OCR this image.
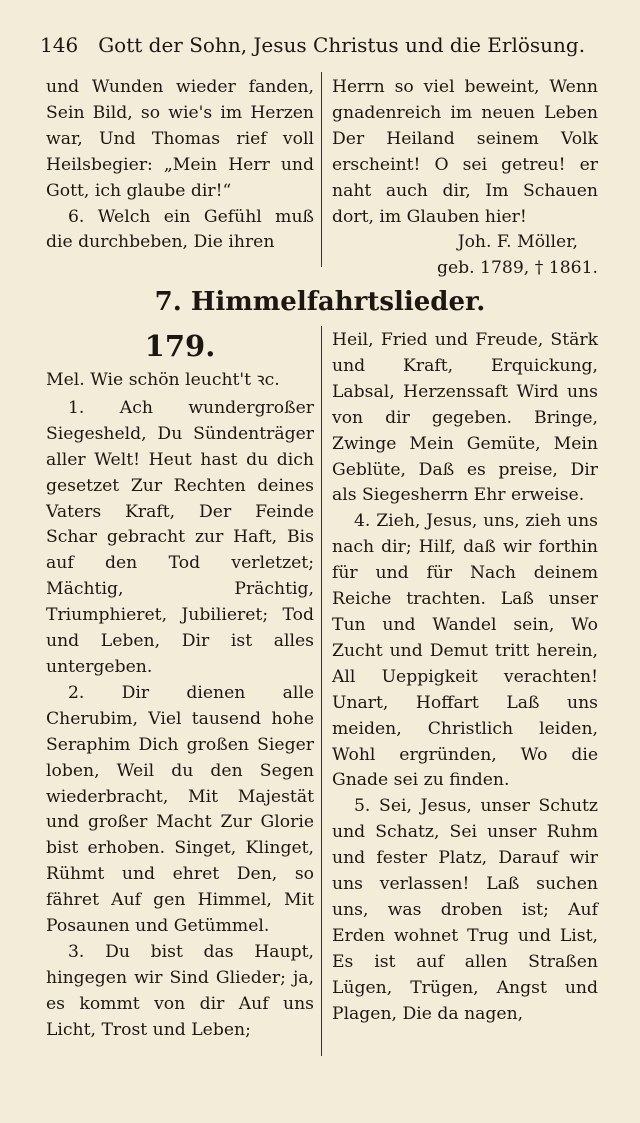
146 Gott der Sohn, Jesus Christus und die Erlösung.

und Wunden wieder fanden, Sein Bild, so wie's im Herzen war, Und Thomas rief voll Heilsbegier: „Mein Herr und Gott, ich glaube dir!“

6. Welch ein Gefühl muß die durchbeben, Die ihren

Herrn so viel beweint, Wenn gnadenreich im neuen Leben Der Heiland seinem Volk erscheint! O sei getreu! er naht auch dir, Im Schauen dort, im Glauben hier!

Joh. F. Möller,

geb. 1789, † 1861.

7. Himmelfahrtslieder.
179.

Mel. Wie schön leucht't ꝛc.

1. Ach wundergroßer Siegesheld, Du Sündenträger aller Welt! Heut hast du dich gesetzet Zur Rechten deines Vaters Kraft, Der Feinde Schar gebracht zur Haft, Bis auf den Tod verletzet; Mächtig, Prächtig, Triumphieret, Jubilieret; Tod und Leben, Dir ist alles untergeben.

2. Dir dienen alle Cherubim, Viel tausend hohe Seraphim Dich großen Sieger loben, Weil du den Segen wiederbracht, Mit Majestät und großer Macht Zur Glorie bist erhoben. Singet, Klinget, Rühmt und ehret Den, so fähret Auf gen Himmel, Mit Posaunen und Getümmel.

3. Du bist das Haupt, hingegen wir Sind Glieder; ja, es kommt von dir Auf uns Licht, Trost und Leben;

Heil, Fried und Freude, Stärk und Kraft, Erquickung, Labsal, Herzenssaft Wird uns von dir gegeben. Bringe, Zwinge Mein Gemüte, Mein Geblüte, Daß es preise, Dir als Siegesherrn Ehr erweise.

4. Zieh, Jesus, uns, zieh uns nach dir; Hilf, daß wir forthin für und für Nach deinem Reiche trachten. Laß unser Tun und Wandel sein, Wo Zucht und Demut tritt herein, All Ueppigkeit verachten! Unart, Hoffart Laß uns meiden, Christlich leiden, Wohl ergründen, Wo die Gnade sei zu finden.

5. Sei, Jesus, unser Schutz und Schatz, Sei unser Ruhm und fester Platz, Darauf wir uns verlassen! Laß suchen uns, was droben ist; Auf Erden wohnet Trug und List, Es ist auf allen Straßen Lügen, Trügen, Angst und Plagen, Die da nagen,
